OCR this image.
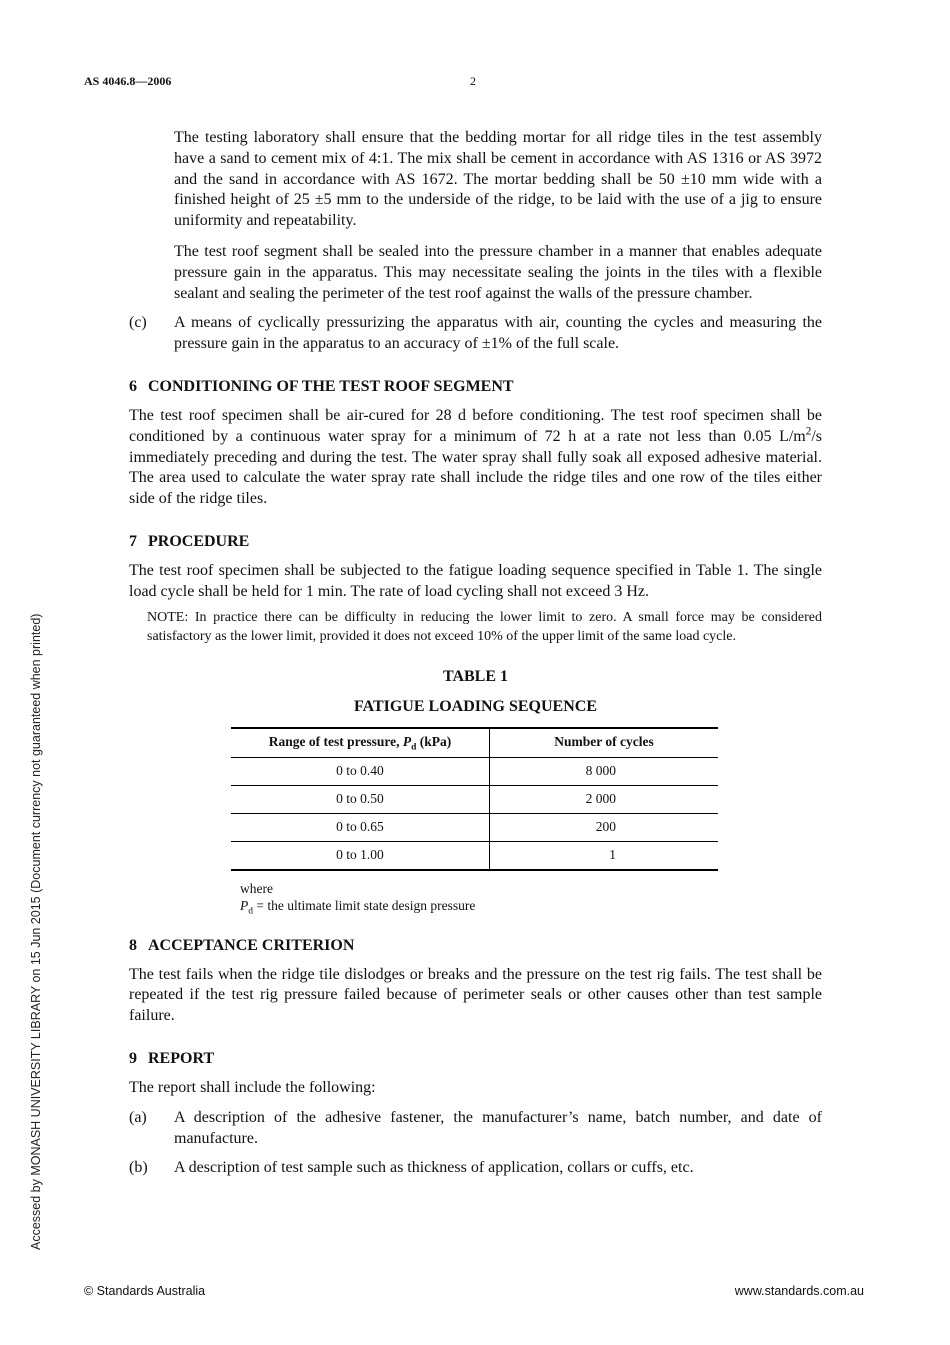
AS 4046.8—2006	2
Accessed by MONASH UNIVERSITY LIBRARY on 15 Jun 2015 (Document currency not guaranteed when printed)

The testing laboratory shall ensure that the bedding mortar for all ridge tiles in the test assembly have a sand to cement mix of 4:1. The mix shall be cement in accordance with AS 1316 or AS 3972 and the sand in accordance with AS 1672. The mortar bedding shall be 50 ±10 mm wide with a finished height of 25 ±5 mm to the underside of the ridge, to be laid with the use of a jig to ensure uniformity and repeatability.

The test roof segment shall be sealed into the pressure chamber in a manner that enables adequate pressure gain in the apparatus. This may necessitate sealing the joints in the tiles with a flexible sealant and sealing the perimeter of the test roof against the walls of the pressure chamber.

(c)	A means of cyclically pressurizing the apparatus with air, counting the cycles and measuring the pressure gain in the apparatus to an accuracy of ±1% of the full scale.
6 CONDITIONING OF THE TEST ROOF SEGMENT

The test roof specimen shall be air-cured for 28 d before conditioning. The test roof specimen shall be conditioned by a continuous water spray for a minimum of 72 h at a rate not less than 0.05 $L/m^2/s$ immediately preceding and during the test. The water spray shall fully soak all exposed adhesive material. The area used to calculate the water spray rate shall include the ridge tiles and one row of the tiles either side of the ridge tiles.

7 PROCEDURE

The test roof specimen shall be subjected to the fatigue loading sequence specified in Table 1. The single load cycle shall be held for 1 min. The rate of load cycling shall not exceed 3 Hz.

NOTE: In practice there can be difficulty in reducing the lower limit to zero. A small force may be considered satisfactory as the lower limit, provided it does not exceed 10% of the upper limit of the same load cycle.

TABLE 1
FATIGUE LOADING SEQUENCE
Range of test pressure, $P_d$ (kPa)	Number of cycles
0 to 0.40	8 000
0 to 0.50	2 000
0 to 0.65	200
0 to 1.00	1
where
$P_d$ = the ultimate limit state design pressure
8 ACCEPTANCE CRITERION

The test fails when the ridge tile dislodges or breaks and the pressure on the test rig fails. The test shall be repeated if the test rig pressure failed because of perimeter seals or other causes other than test sample failure.

9 REPORT

The report shall include the following:

(a)	A description of the adhesive fastener, the manufacturer’s name, batch number, and date of manufacture.
(b)	A description of test sample such as thickness of application, collars or cuffs, etc.
© Standards Australia	www.standards.com.au
